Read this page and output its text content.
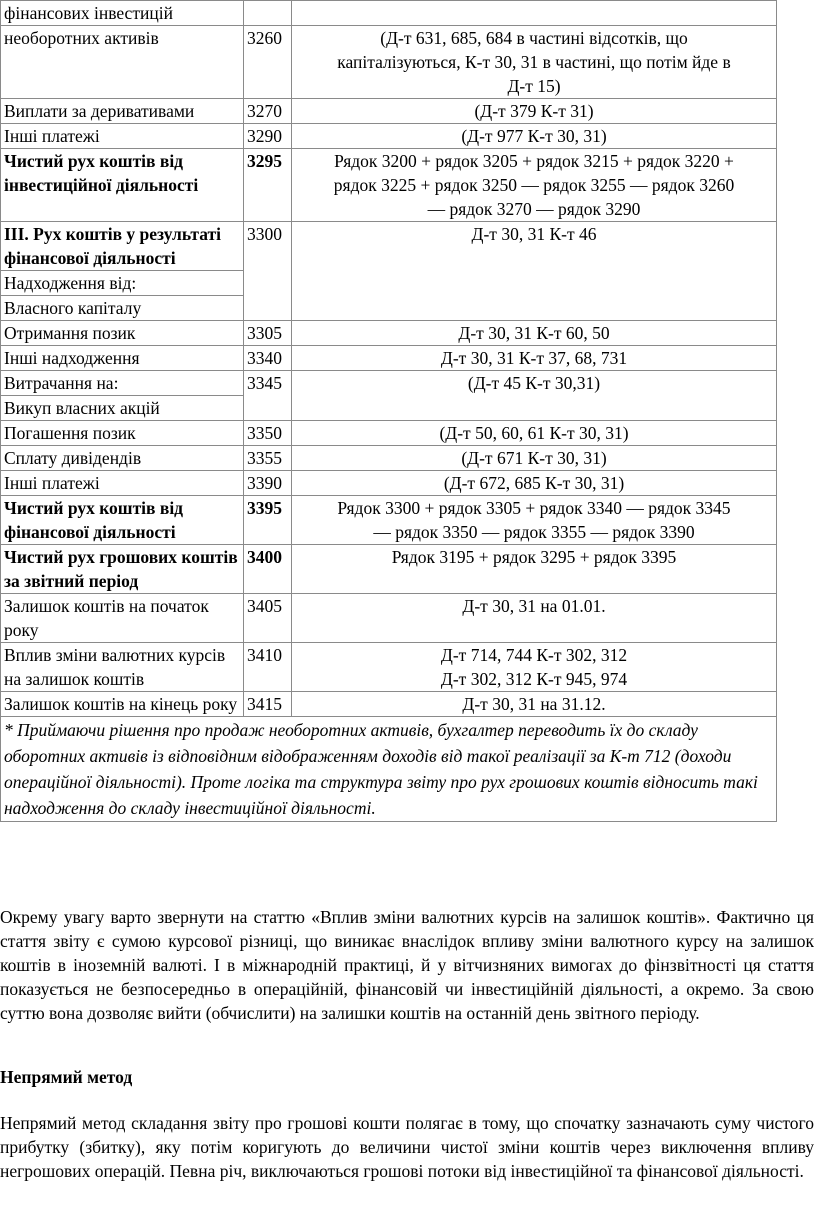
фінансових інвестицій		
необоротних активів	3260	(Д-т 631, 685, 684 в частині відсотків, що
капіталізуються, К-т 30, 31 в частині, що потім йде в
Д-т 15)

Виплати за деривативами	3270	(Д-т 379 К-т 31)

Інші платежі	3290	(Д-т 977 К-т 30, 31)

Чистий рух коштів від інвестиційної діяльності	3295	Рядок 3200 + рядок 3205 + рядок 3215 + рядок 3220 +
рядок 3225 + рядок 3250 — рядок 3255 — рядок 3260
— рядок 3270 — рядок 3290

ІІІ. Рух коштів у результаті фінансової діяльності	3300	Д-т 30, 31 К-т 46

Надходження від:		
Власного капіталу		
Отримання позик	3305	Д-т 30, 31 К-т 60, 50

Інші надходження	3340	Д-т 30, 31 К-т 37, 68, 731

Витрачання на:	3345	(Д-т 45 К-т 30,31)

Викуп власних акцій		
Погашення позик	3350	(Д-т 50, 60, 61 К-т 30, 31)

Сплату дивідендів	3355	(Д-т 671 К-т 30, 31)

Інші платежі	3390	(Д-т 672, 685 К-т 30, 31)

Чистий рух коштів від фінансової діяльності	3395	Рядок 3300 + рядок 3305 + рядок 3340 — рядок 3345
— рядок 3350 — рядок 3355 — рядок 3390

Чистий рух грошових коштів за звітний період	3400	Рядок 3195 + рядок 3295 + рядок 3395

Залишок коштів на початок року	3405	Д-т 30, 31 на 01.01.

Вплив зміни валютних курсів на залишок коштів	3410	Д-т 714, 744 К-т 302, 312
Д-т 302, 312 К-т 945, 974

Залишок коштів на кінець року	3415	Д-т 30, 31 на 31.12.

* Приймаючи рішення про продаж необоротних активів, бухгалтер переводить їх до складу оборотних активів із відповідним відображенням доходів від такої реалізації за К-т 712 (доходи операційної діяльності). Проте логіка та структура звіту про рух грошових коштів відносить такі надходження до складу інвестиційної діяльності.		

Окрему увагу варто звернути на статтю «Вплив зміни валютних курсів на залишок коштів». Фактично ця стаття звіту є сумою курсової різниці, що виникає внаслідок впливу зміни валютного курсу на залишок коштів в іноземній валюті. І в міжнародній практиці, й у вітчизняних вимогах до фінзвітності ця стаття показується не безпосередньо в операційній, фінансовій чи інвестиційній діяльності, а окремо. За свою суттю вона дозволяє вийти (обчислити) на залишки коштів на останній день звітного періоду.

Непрямий метод

Непрямий метод складання звіту про грошові кошти полягає в тому, що спочатку зазначають суму чистого прибутку (збитку), яку потім коригують до величини чистої зміни коштів через виключення впливу негрошових операцій. Певна річ, виключаються грошові потоки від інвестиційної та фінансової діяльності.
